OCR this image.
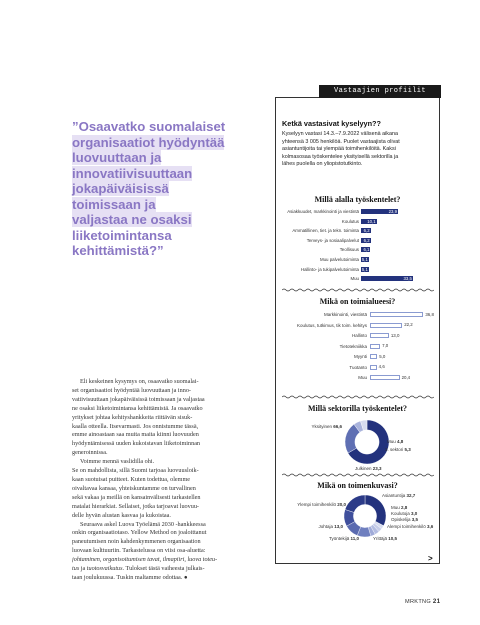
”Osaavatko suomalaiset
organisaatiot hyödyntää
luovuuttaan ja
innovatiivisuuttaan
jokapäiväisissä
toimissaan ja
valjastaa ne osaksi
liiketoimintansa
kehittämistä?”
Eli keskeinen kysymys on, osaavatko suomalai-
set organisaatiot hyödyntää luovuuttaan ja inno-
vatiivisuuttaan jokapäiväisissä toimissaan ja valjastaa
ne osaksi liiketoimintansa kehittämistä. Ja osaavatko
yritykset johtaa kehityshankkeita riittävän sisuk-
kaalla otteella. Itsevarmasti. Jos onnistumme tässä,
emme ainoastaan saa muita maita kiinni luovuuden
hyödyntämisessä uuden kukoistavan liiketoiminnan
generoinnissa.
Voimme mennä vaslidilla ohi.
Se on mahdollista, sillä Suomi tarjoaa luovuusloik-
kaan suotuisat puitteet. Kuten todettua, olemme
oivaltavaa kansaa, yhteiskuntamme on turvallinen
sekä vakaa ja meillä on kansainvälisesti tarkastellen
matalat hierarkiat. Sellaiset, jotka tarjoavat luovuu-
delle hyvän alustan kasvaa ja kukoistaa.
Seuraava askel Luova Työelämä 2030 -hankkeessa
onkin organisaatiotaso. Yellow Method on joaloittanut
paneutumisen noin kahdenkymmenen organisaation
luovaan kulttuuriin. Tarkastelussa on viisi osa-aluetta:
johtaminen, organisoitumisen tavat, ilmapiiri, luova toteu-
tus ja tuotosvaikutus. Tulokset tästä vaiheesta julkais-
taan joulukuussa. Tuskin maltamme odottaa. ●
Vastaajien profiilit
Ketkä vastasivat kyselyyn??
Kyselyyn vastasi 14.3.–7.9.2022 välisenä aikana
yhteensä 3 005 henkilöä. Puolet vastaajista olivat
asiantuntijoita tai ylempää toimihenkilöitä. Kaksi
kolmasosaa työskentelee yksityisellä sektorilla ja
lähes puolella on yliopistotutkinto.
Millä alalla työskentelet?
Asiakkuudet, markkinointi ja viestintä	23,9
Koulutus	10,1
Ammatillinen, tiet. ja tekn. toiminta	6,2
Terveys- ja sosiaalipalvelut	6,2
Teollisuus	6,1
Muu palvelutoiminta 5,1
Hallinto- ja tukipalvelutoiminta 5,1
Muu	33,5
Mikä on toimialueesi?
Markkinointi, viestintä	36,8
Koulutus, tutkimus, tik toim. kehitys	22,2
Hallinto	13,0
Tietotekniikka	7,0
Myynti	5,0
Tuotanto	4,6
Muu	20,4
Millä sektorilla työskentelet?
Yksityinen 66,6
Julkinen 23,3
3. sektori 5,3
Muu 4,8
Mikä on toimenkuvasi?
Asiantuntija 32,7
Muu 2,8
Koulutoja 3,0
Opiskelija 3,5
Alempi toimihenkilö 3,6
Yrittäjä 10,5
Työntekijä 11,0
Johtaja 13,0
Ylempi toimihenkilö 20,0
>
MRKTNG 21
